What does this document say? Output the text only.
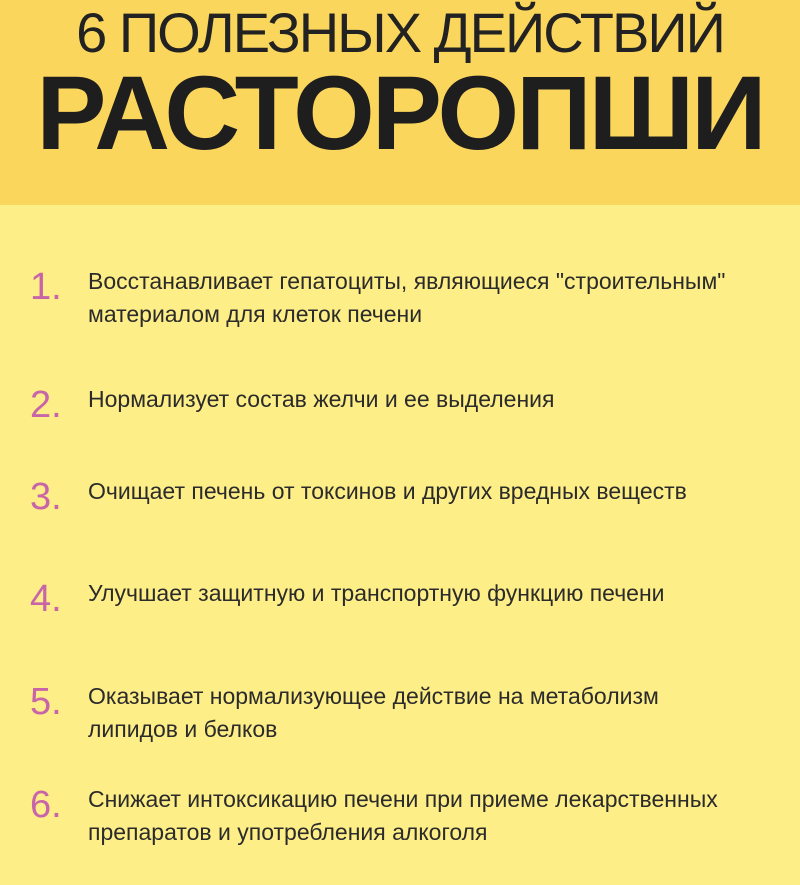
6 ПОЛЕЗНЫХ ДЕЙСТВИЙ
РАСТОРОПШИ
1.	Восстанавливает гепатоциты, являющиеся "строительным" материалом для клеток печени
2.	Нормализует состав желчи и ее выделения
3.	Очищает печень от токсинов и других вредных веществ
4.	Улучшает защитную и транспортную функцию печени
5.	Оказывает нормализующее действие на метаболизм липидов и белков
6.	Снижает интоксикацию печени при приеме лекарственных препаратов и употребления алкоголя
